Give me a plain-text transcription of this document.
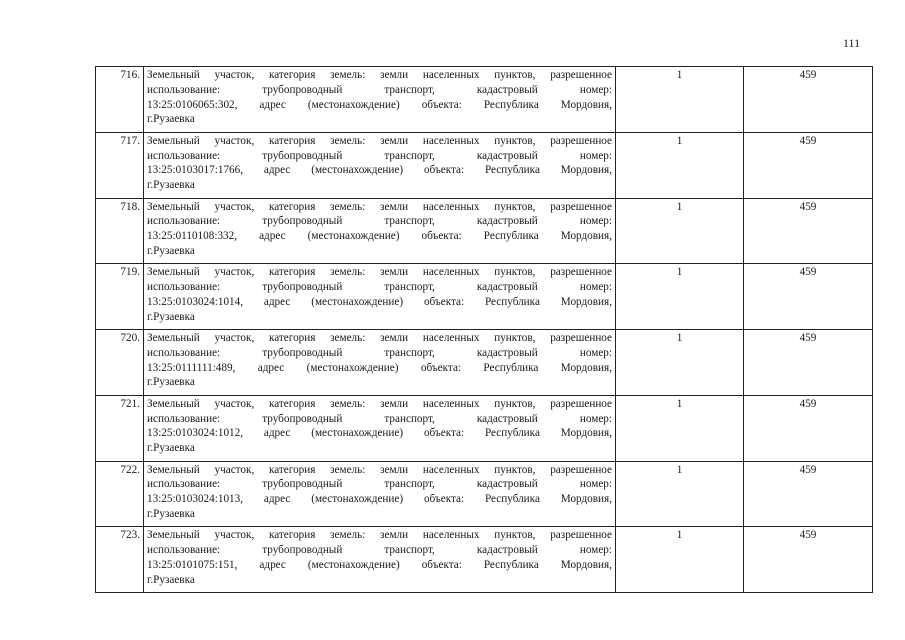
111
716.	Земельный участок, категория земель: земли населенных пунктов, разрешенное
использование: трубопроводный транспорт, кадастровый номер:
13:25:0106065:302, адрес (местонахождение) объекта: Республика Мордовия,
г.Рузаевка	1	459
717.	Земельный участок, категория земель: земли населенных пунктов, разрешенное
использование: трубопроводный транспорт, кадастровый номер:
13:25:0103017:1766, адрес (местонахождение) объекта: Республика Мордовия,
г.Рузаевка	1	459
718.	Земельный участок, категория земель: земли населенных пунктов, разрешенное
использование: трубопроводный транспорт, кадастровый номер:
13:25:0110108:332, адрес (местонахождение) объекта: Республика Мордовия,
г.Рузаевка	1	459
719.	Земельный участок, категория земель: земли населенных пунктов, разрешенное
использование: трубопроводный транспорт, кадастровый номер:
13:25:0103024:1014, адрес (местонахождение) объекта: Республика Мордовия,
г.Рузаевка	1	459
720.	Земельный участок, категория земель: земли населенных пунктов, разрешенное
использование: трубопроводный транспорт, кадастровый номер:
13:25:0111111:489, адрес (местонахождение) объекта: Республика Мордовия,
г.Рузаевка	1	459
721.	Земельный участок, категория земель: земли населенных пунктов, разрешенное
использование: трубопроводный транспорт, кадастровый номер:
13:25:0103024:1012, адрес (местонахождение) объекта: Республика Мордовия,
г.Рузаевка	1	459
722.	Земельный участок, категория земель: земли населенных пунктов, разрешенное
использование: трубопроводный транспорт, кадастровый номер:
13:25:0103024:1013, адрес (местонахождение) объекта: Республика Мордовия,
г.Рузаевка	1	459
723.	Земельный участок, категория земель: земли населенных пунктов, разрешенное
использование: трубопроводный транспорт, кадастровый номер:
13:25:0101075:151, адрес (местонахождение) объекта: Республика Мордовия,
г.Рузаевка	1	459
